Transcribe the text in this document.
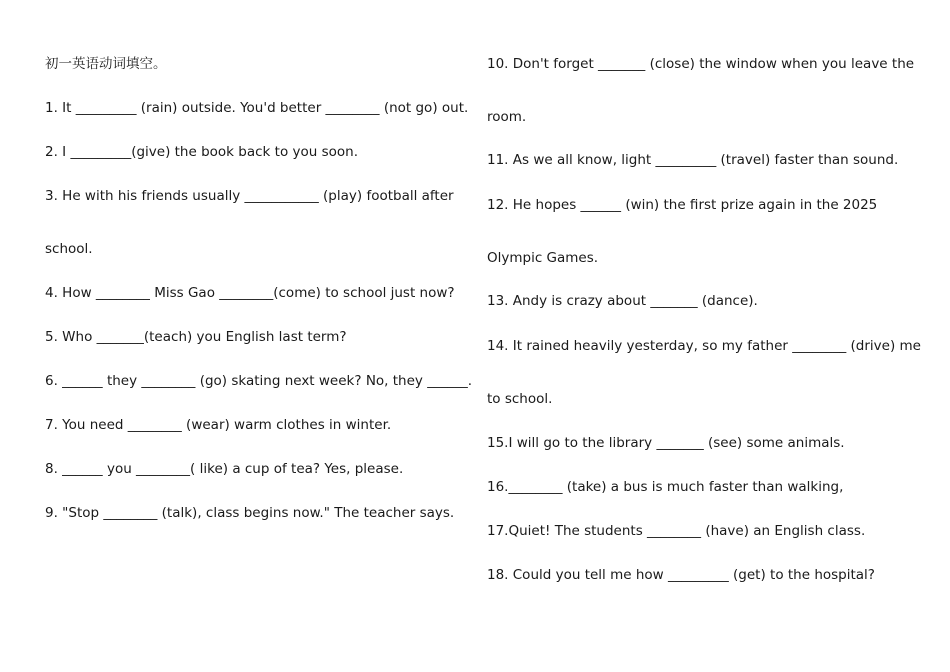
初一英语动词填空。
1. It _________ (rain) outside. You'd better ________ (not go) out.
2. I _________(give) the book back to you soon.
3. He with his friends usually ___________ (play) football after
school.
4. How ________ Miss Gao ________(come) to school just now?
5. Who _______(teach) you English last term?
6. ______ they ________ (go) skating next week? No, they ______.
7. You need ________ (wear) warm clothes in winter.
8. ______ you ________( like) a cup of tea? Yes, please.
9. "Stop ________ (talk), class begins now." The teacher says.
10. Don't forget _______ (close) the window when you leave the
room.
11. As we all know, light _________ (travel) faster than sound.
12. He hopes ______ (win) the first prize again in the 2025
Olympic Games.
13. Andy is crazy about _______ (dance).
14. It rained heavily yesterday, so my father ________ (drive) me
to school.
15.I will go to the library _______ (see) some animals.
16.________ (take) a bus is much faster than walking,
17.Quiet! The students ________ (have) an English class.
18. Could you tell me how _________ (get) to the hospital?
